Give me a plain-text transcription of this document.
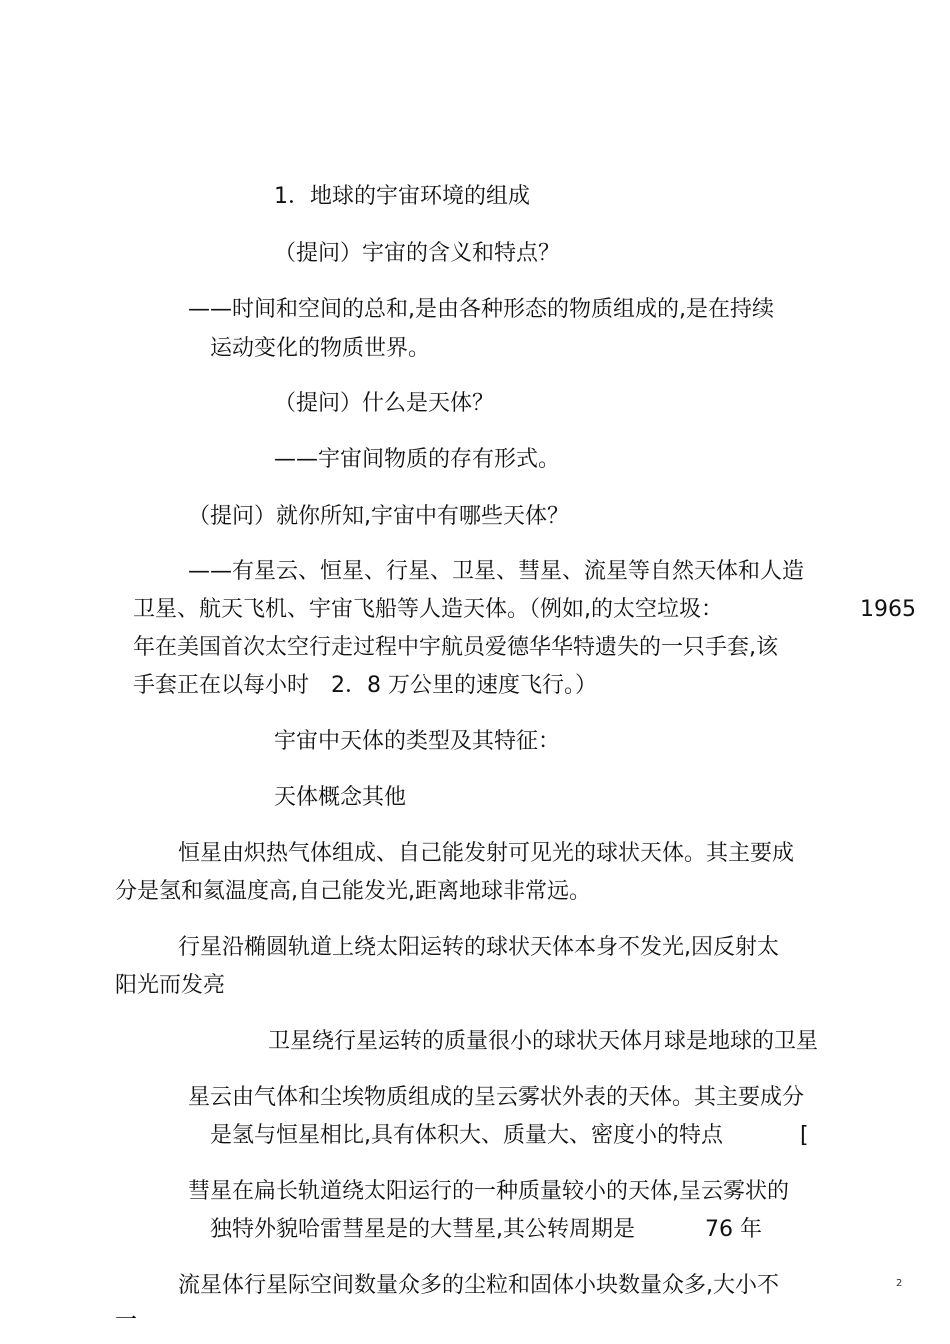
1．地球的宇宙环境的组成
（提问）宇宙的含义和特点？
——时间和空间的总和,是由各种形态的物质组成的,是在持续
运动变化的物质世界。
（提问）什么是天体？
——宇宙间物质的存有形式。
（提问）就你所知,宇宙中有哪些天体？
——有星云、恒星、行星、卫星、彗星、流星等自然天体和人造
卫星、航天飞机、宇宙飞船等人造天体。（例如,的太空垃圾：	1965
年在美国首次太空行走过程中宇航员爱德华华特遗失的一只手套,该
手套正在以每小时　2．8 万公里的速度飞行。）
宇宙中天体的类型及其特征：
天体概念其他
恒星由炽热气体组成、自己能发射可见光的球状天体。其主要成
分是氢和氦温度高,自己能发光,距离地球非常远。
行星沿椭圆轨道上绕太阳运转的球状天体本身不发光,因反射太
阳光而发亮
卫星绕行星运转的质量很小的球状天体月球是地球的卫星
星云由气体和尘埃物质组成的呈云雾状外表的天体。其主要成分
是氢与恒星相比,具有体积大、质量大、密度小的特点	[
彗星在扁长轨道绕太阳运行的一种质量较小的天体,呈云雾状的
独特外貌哈雷彗星是的大彗星,其公转周期是	76 年
流星体行星际空间数量众多的尘粒和固体小块数量众多,大小不
一
2
